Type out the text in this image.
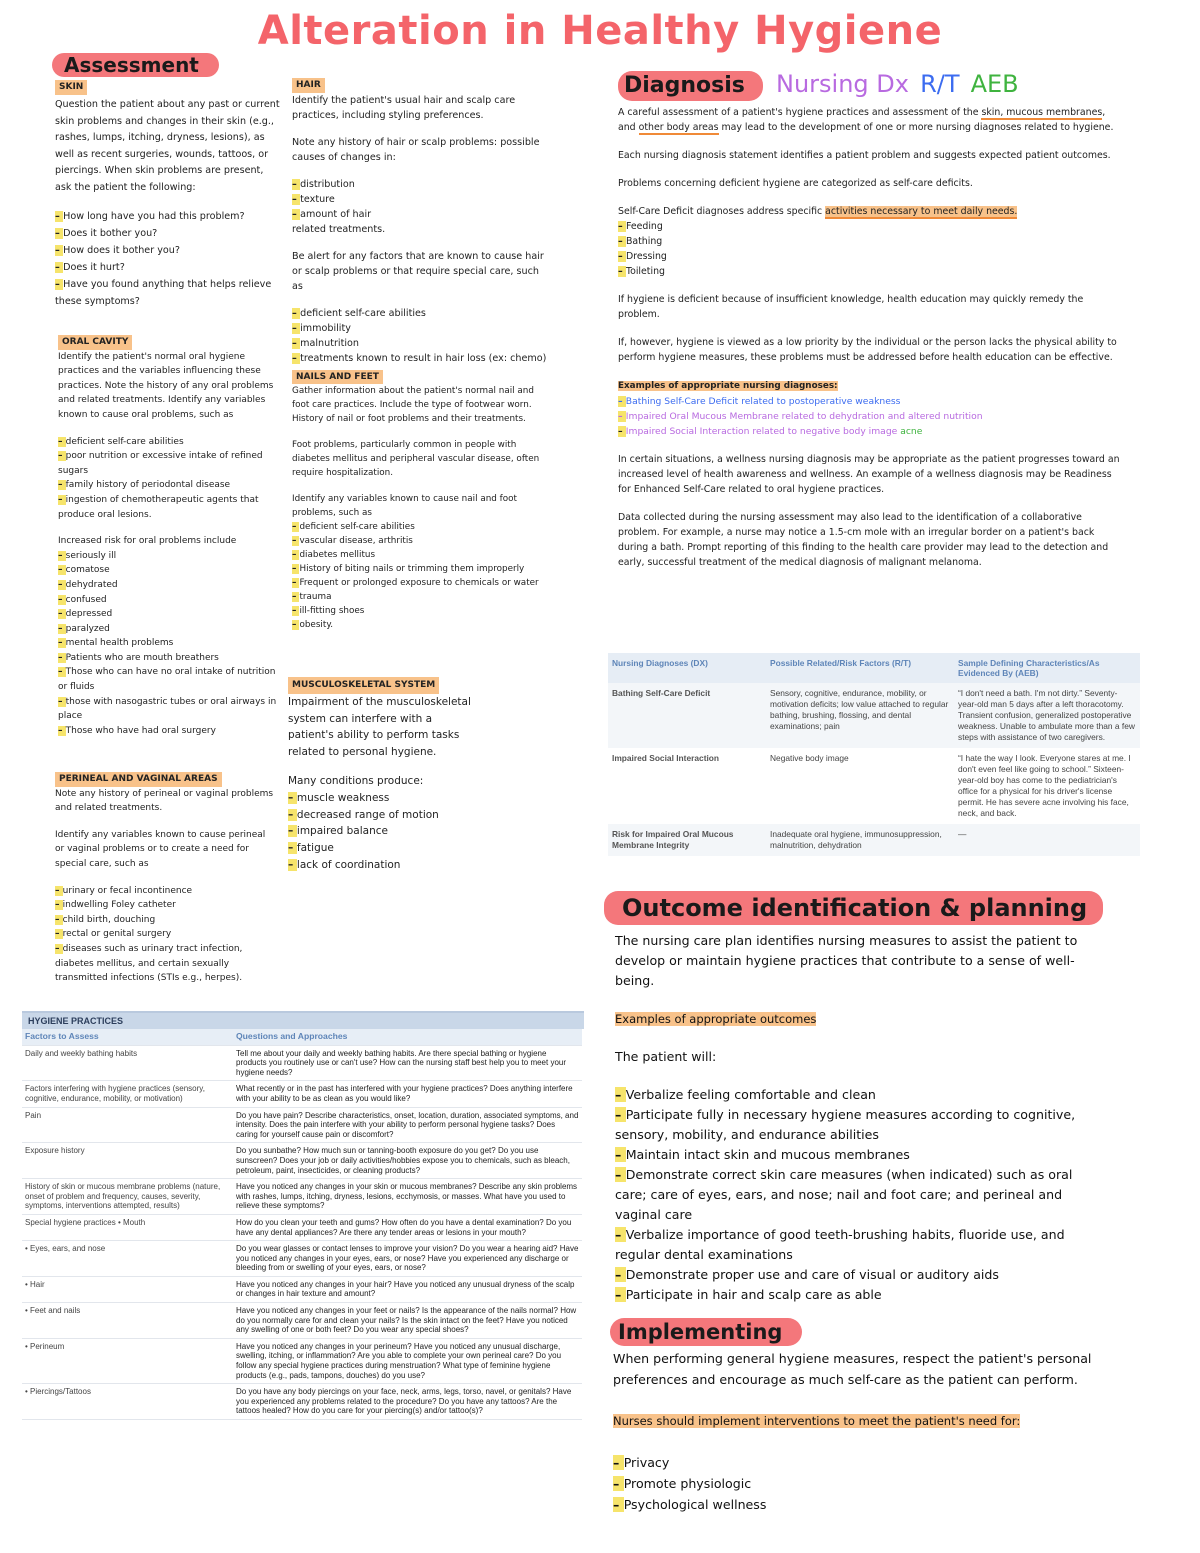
Alteration in Healthy Hygiene
Assessment
SKIN

Question the patient about any past or current skin problems and changes in their skin (e.g., rashes, lumps, itching, dryness, lesions), as well as recent surgeries, wounds, tattoos, or piercings. When skin problems are present, ask the patient the following:

– How long have you had this problem?
– Does it bother you?
– How does it bother you?
– Does it hurt?
– Have you found anything that helps relieve these symptoms?
ORAL CAVITY

Identify the patient's normal oral hygiene practices and the variables influencing these practices. Note the history of any oral problems and related treatments. Identify any variables known to cause oral problems, such as

– deficient self-care abilities
– poor nutrition or excessive intake of refined sugars
– family history of periodontal disease
– ingestion of chemotherapeutic agents that produce oral lesions.

Increased risk for oral problems include

– seriously ill
– comatose
– dehydrated
– confused
– depressed
– paralyzed
– mental health problems
– Patients who are mouth breathers
– Those who can have no oral intake of nutrition or fluids
– those with nasogastric tubes or oral airways in place
– Those who have had oral surgery
PERINEAL AND VAGINAL AREAS

Note any history of perineal or vaginal problems and related treatments.

Identify any variables known to cause perineal or vaginal problems or to create a need for special care, such as

– urinary or fecal incontinence
– indwelling Foley catheter
– child birth, douching
– rectal or genital surgery
– diseases such as urinary tract infection, diabetes mellitus, and certain sexually transmitted infections (STIs e.g., herpes).
HAIR

Identify the patient's usual hair and scalp care practices, including styling preferences.

Note any history of hair or scalp problems: possible causes of changes in:

– distribution
– texture
– amount of hair
related treatments.

Be alert for any factors that are known to cause hair or scalp problems or that require special care, such as

– deficient self-care abilities
– immobility
– malnutrition
– treatments known to result in hair loss (ex: chemo)
NAILS AND FEET

Gather information about the patient's normal nail and foot care practices. Include the type of footwear worn. History of nail or foot problems and their treatments.

Foot problems, particularly common in people with diabetes mellitus and peripheral vascular disease, often require hospitalization.

Identify any variables known to cause nail and foot problems, such as

– deficient self-care abilities
– vascular disease, arthritis
– diabetes mellitus
– History of biting nails or trimming them improperly
– Frequent or prolonged exposure to chemicals or water
– trauma
– ill-fitting shoes
– obesity.
MUSCULOSKELETAL SYSTEM

Impairment of the musculoskeletal system can interfere with a patient's ability to perform tasks related to personal hygiene.

Many conditions produce:

– muscle weakness
– decreased range of motion
– impaired balance
– fatigue
– lack of coordination
HYGIENE PRACTICES
Factors to Assess	Questions and Approaches
Daily and weekly bathing habits	Tell me about your daily and weekly bathing habits. Are there special bathing or hygiene products you routinely use or can't use? How can the nursing staff best help you to meet your hygiene needs?
Factors interfering with hygiene practices (sensory, cognitive, endurance, mobility, or motivation)	What recently or in the past has interfered with your hygiene practices? Does anything interfere with your ability to be as clean as you would like?
Pain	Do you have pain? Describe characteristics, onset, location, duration, associated symptoms, and intensity. Does the pain interfere with your ability to perform personal hygiene tasks? Does caring for yourself cause pain or discomfort?
Exposure history	Do you sunbathe? How much sun or tanning-booth exposure do you get? Do you use sunscreen? Does your job or daily activities/hobbies expose you to chemicals, such as bleach, petroleum, paint, insecticides, or cleaning products?
History of skin or mucous membrane problems (nature, onset of problem and frequency, causes, severity, symptoms, interventions attempted, results)	Have you noticed any changes in your skin or mucous membranes? Describe any skin problems with rashes, lumps, itching, dryness, lesions, ecchymosis, or masses. What have you used to relieve these symptoms?
Special hygiene practices • Mouth	How do you clean your teeth and gums? How often do you have a dental examination? Do you have any dental appliances? Are there any tender areas or lesions in your mouth?
• Eyes, ears, and nose	Do you wear glasses or contact lenses to improve your vision? Do you wear a hearing aid? Have you noticed any changes in your eyes, ears, or nose? Have you experienced any discharge or bleeding from or swelling of your eyes, ears, or nose?
• Hair	Have you noticed any changes in your hair? Have you noticed any unusual dryness of the scalp or changes in hair texture and amount?
• Feet and nails	Have you noticed any changes in your feet or nails? Is the appearance of the nails normal? How do you normally care for and clean your nails? Is the skin intact on the feet? Have you noticed any swelling of one or both feet? Do you wear any special shoes?
• Perineum	Have you noticed any changes in your perineum? Have you noticed any unusual discharge, swelling, itching, or inflammation? Are you able to complete your own perineal care? Do you follow any special hygiene practices during menstruation? What type of feminine hygiene products (e.g., pads, tampons, douches) do you use?
• Piercings/Tattoos	Do you have any body piercings on your face, neck, arms, legs, torso, navel, or genitals? Have you experienced any problems related to the procedure? Do you have any tattoos? Are the tattoos healed? How do you care for your piercing(s) and/or tattoo(s)?
Diagnosis Nursing Dx R/T AEB

A careful assessment of a patient's hygiene practices and assessment of the skin, mucous membranes, and other body areas may lead to the development of one or more nursing diagnoses related to hygiene.

Each nursing diagnosis statement identifies a patient problem and suggests expected patient outcomes.

Problems concerning deficient hygiene are categorized as self-care deficits.

Self-Care Deficit diagnoses address specific activities necessary to meet daily needs.

– Feeding
– Bathing
– Dressing
– Toileting

If hygiene is deficient because of insufficient knowledge, health education may quickly remedy the problem.

If, however, hygiene is viewed as a low priority by the individual or the person lacks the physical ability to perform hygiene measures, these problems must be addressed before health education can be effective.

Examples of appropriate nursing diagnoses:

– Bathing Self-Care Deficit related to postoperative weakness
– Impaired Oral Mucous Membrane related to dehydration and altered nutrition
– Impaired Social Interaction related to negative body image acne

In certain situations, a wellness nursing diagnosis may be appropriate as the patient progresses toward an increased level of health awareness and wellness. An example of a wellness diagnosis may be Readiness for Enhanced Self-Care related to oral hygiene practices.

Data collected during the nursing assessment may also lead to the identification of a collaborative problem. For example, a nurse may notice a 1.5-cm mole with an irregular border on a patient's back during a bath. Prompt reporting of this finding to the health care provider may lead to the detection and early, successful treatment of the medical diagnosis of malignant melanoma.

Nursing Diagnoses (DX)	Possible Related/Risk Factors (R/T)	Sample Defining Characteristics/As Evidenced By (AEB)
Bathing Self-Care Deficit	Sensory, cognitive, endurance, mobility, or motivation deficits; low value attached to regular bathing, brushing, flossing, and dental examinations; pain	“I don't need a bath. I'm not dirty.” Seventy-year-old man 5 days after a left thoracotomy. Transient confusion, generalized postoperative weakness. Unable to ambulate more than a few steps with assistance of two caregivers.
Impaired Social Interaction	Negative body image	“I hate the way I look. Everyone stares at me. I don't even feel like going to school.” Sixteen-year-old boy has come to the pediatrician's office for a physical for his driver's license permit. He has severe acne involving his face, neck, and back.
Risk for Impaired Oral Mucous Membrane Integrity	Inadequate oral hygiene, immunosuppression, malnutrition, dehydration	—
Outcome identification & planning

The nursing care plan identifies nursing measures to assist the patient to develop or maintain hygiene practices that contribute to a sense of well-being.

Examples of appropriate outcomes

The patient will:

– Verbalize feeling comfortable and clean
– Participate fully in necessary hygiene measures according to cognitive, sensory, mobility, and endurance abilities
– Maintain intact skin and mucous membranes
– Demonstrate correct skin care measures (when indicated) such as oral care; care of eyes, ears, and nose; nail and foot care; and perineal and vaginal care
– Verbalize importance of good teeth-brushing habits, fluoride use, and regular dental examinations
– Demonstrate proper use and care of visual or auditory aids
– Participate in hair and scalp care as able
Implementing

When performing general hygiene measures, respect the patient's personal preferences and encourage as much self-care as the patient can perform.

Nurses should implement interventions to meet the patient's need for:

– Privacy
– Promote physiologic
– Psychological wellness
